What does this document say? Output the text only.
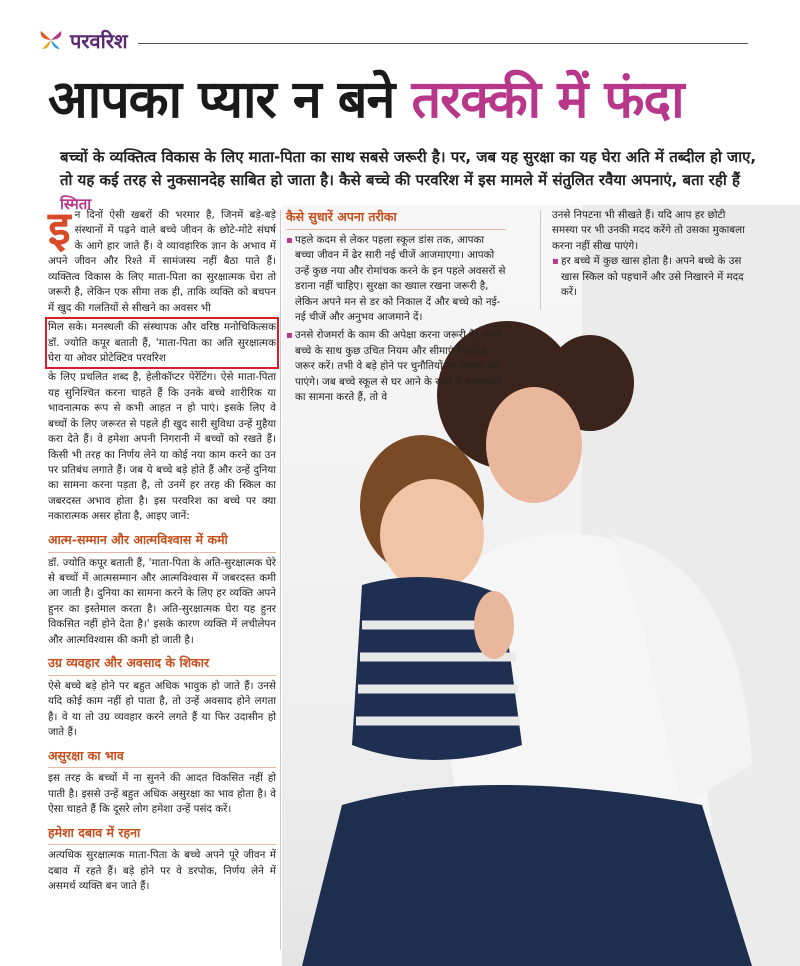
परवरिश
आपका प्यार न बने तरक्की में फंदा
बच्चों के व्यक्तित्व विकास के लिए माता-पिता का साथ सबसे जरूरी है। पर, जब यह सुरक्षा का यह घेरा अति में तब्दील हो जाए, तो यह कई तरह से नुकसानदेह साबित हो जाता है। कैसे बच्चे की परवरिश में इस मामले में संतुलित रवैया अपनाएं, बता रही हैं स्मिता

इन दिनों ऐसी खबरों की भरमार है, जिनमें बड़े-बड़े संस्थानों में पढ़ने वाले बच्चे जीवन के छोटे-मोटे संघर्ष के आगे हार जाते हैं। वे व्यावहारिक ज्ञान के अभाव में अपने जीवन और रिश्ते में सामंजस्य नहीं बैठा पाते हैं। व्यक्तित्व विकास के लिए माता-पिता का सुरक्षात्मक घेरा तो जरूरी है, लेकिन एक सीमा तक ही, ताकि व्यक्ति को बचपन में खुद की गलतियों से सीखने का अवसर भी

मिल सके। मनस्थली की संस्थापक और वरिष्ठ मनोचिकित्सक डॉ. ज्योति कपूर बताती हैं, 'माता-पिता का अति सुरक्षात्मक घेरा या ओवर प्रोटेक्टिव परवरिश

के लिए प्रचलित शब्द है, हेलीकॉप्टर पेरेंटिंग। ऐसे माता-पिता यह सुनिश्चित करना चाहते हैं कि उनके बच्चे शारीरिक या भावनात्मक रूप से कभी आहत न हो पाएं। इसके लिए वे बच्चों के लिए जरूरत से पहले ही खुद सारी सुविधा उन्हें मुहैया करा देते हैं। वे हमेशा अपनी निगरानी में बच्चों को रखते हैं। किसी भी तरह का निर्णय लेने या कोई नया काम करने का उन पर प्रतिबंध लगाते हैं। जब ये बच्चे बड़े होते हैं और उन्हें दुनिया का सामना करना पड़ता है, तो उनमें हर तरह की स्किल का जबरदस्त अभाव होता है। इस परवरिश का बच्चे पर क्या नकारात्मक असर होता है, आइए जानें:

आत्म-सम्मान और आत्मविश्वास में कमी

डॉ. ज्योति कपूर बताती हैं, 'माता-पिता के अति-सुरक्षात्मक घेरे से बच्चों में आत्मसम्मान और आत्मविश्वास में जबरदस्त कमी आ जाती है। दुनिया का सामना करने के लिए हर व्यक्ति अपने हुनर का इस्तेमाल करता है। अति-सुरक्षात्मक घेरा यह हुनर विकसित नहीं होने देता है।' इसके कारण व्यक्ति में लचीलेपन और आत्मविश्वास की कमी हो जाती है।

उग्र व्यवहार और अवसाद के शिकार

ऐसे बच्चे बड़े होने पर बहुत अधिक भावुक हो जाते हैं। उनसे यदि कोई काम नहीं हो पाता है, तो उन्हें अवसाद होने लगता है। वे या तो उग्र व्यवहार करने लगते हैं या फिर उदासीन हो जाते हैं।

असुरक्षा का भाव

इस तरह के बच्चों में ना सुनने की आदत विकसित नहीं हो पाती है। इससे उन्हें बहुत अधिक असुरक्षा का भाव होता है। वे ऐसा चाहते हैं कि दूसरे लोग हमेशा उन्हें पसंद करें।

हमेशा दबाव में रहना

अत्यधिक सुरक्षात्मक माता-पिता के बच्चे अपने पूरे जीवन में दबाव में रहते हैं। बड़े होने पर वे डरपोक, निर्णय लेने में असमर्थ व्यक्ति बन जाते हैं।

कैसे सुधारें अपना तरीका
▪ पहले कदम से लेकर पहला स्कूल डांस तक, आपका बच्चा जीवन में ढेर सारी नई चीजें आजमाएगा। आपको उन्हें कुछ नया और रोमांचक करने के इन पहले अवसरों से डराना नहीं चाहिए। सुरक्षा का ख्याल रखना जरूरी है, लेकिन अपने मन से डर को निकाल दें और बच्चे को नई-नई चीजें और अनुभव आजमाने दें।
▪ उनसे रोजमर्रा के काम की अपेक्षा करना जरूरी है। अपने बच्चे के साथ कुछ उचित नियम और सीमाएं निर्धारित जरूर करें। तभी वे बड़े होने पर चुनौतियों का सामना कर पाएंगे। जब बच्चे स्कूल से घर आने के रास्ते में समस्याओं का सामना करते हैं, तो वे

उनसे निपटना भी सीखते हैं। यदि आप हर छोटी समस्या पर भी उनकी मदद करेंगे तो उसका मुकाबला करना नहीं सीख पाएंगे।

▪ हर बच्चे में कुछ खास होता है। अपने बच्चे के उस खास स्किल को पहचानें और उसे निखारने में मदद करें।
